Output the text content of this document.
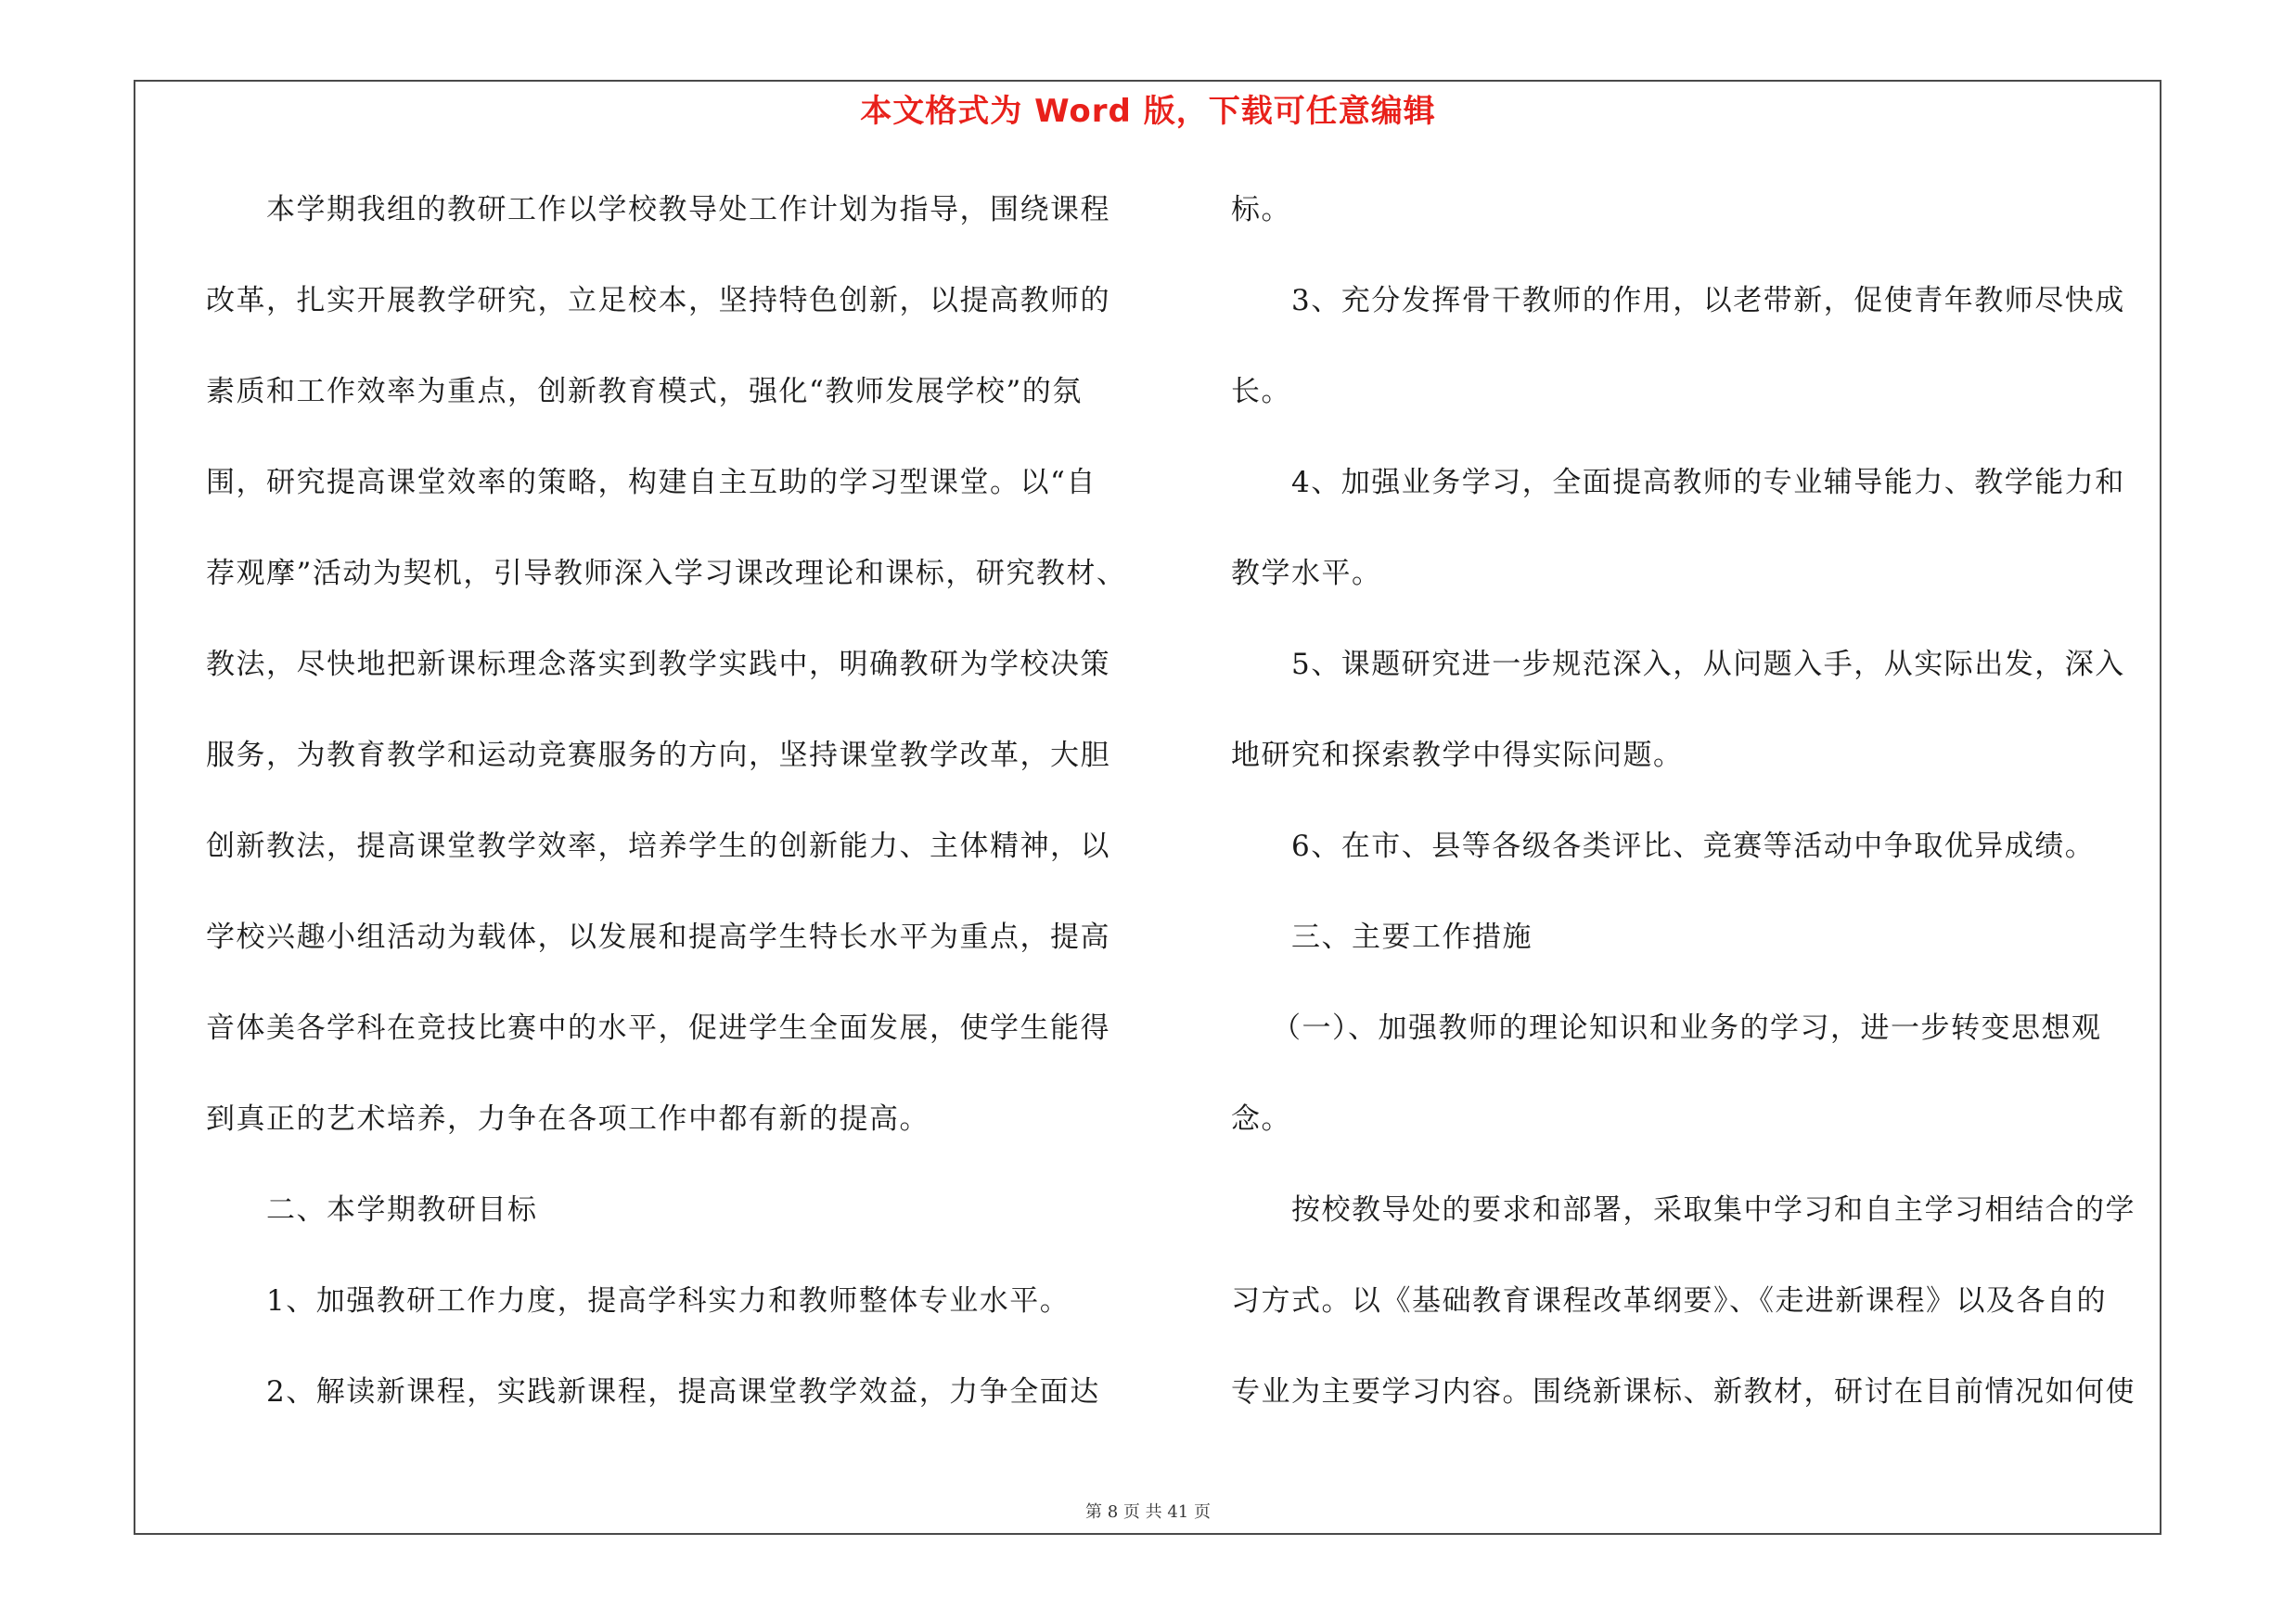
本文格式为 Word 版，下载可任意编辑
本学期我组的教研工作以学校教导处工作计划为指导，围绕课程
改革，扎实开展教学研究，立足校本，坚持特色创新，以提高教师的
素质和工作效率为重点，创新教育模式，强化“教师发展学校”的氛
围，研究提高课堂效率的策略，构建自主互助的学习型课堂。以“自
荐观摩”活动为契机，引导教师深入学习课改理论和课标，研究教材、
教法，尽快地把新课标理念落实到教学实践中，明确教研为学校决策
服务，为教育教学和运动竞赛服务的方向，坚持课堂教学改革，大胆
创新教法，提高课堂教学效率，培养学生的创新能力、主体精神，以
学校兴趣小组活动为载体，以发展和提高学生特长水平为重点，提高
音体美各学科在竞技比赛中的水平，促进学生全面发展，使学生能得
到真正的艺术培养，力争在各项工作中都有新的提高。
二、本学期教研目标
1、加强教研工作力度，提高学科实力和教师整体专业水平。
2、解读新课程，实践新课程，提高课堂教学效益，力争全面达
标。
3、充分发挥骨干教师的作用，以老带新，促使青年教师尽快成
长。
4、加强业务学习，全面提高教师的专业辅导能力、教学能力和
教学水平。
5、课题研究进一步规范深入，从问题入手，从实际出发，深入
地研究和探索教学中得实际问题。
6、在市、县等各级各类评比、竞赛等活动中争取优异成绩。
三、主要工作措施
（一）、加强教师的理论知识和业务的学习，进一步转变思想观
念。
按校教导处的要求和部署，采取集中学习和自主学习相结合的学
习方式。以《基础教育课程改革纲要》、《走进新课程》以及各自的
专业为主要学习内容。围绕新课标、新教材，研讨在目前情况如何使
第 8 页 共 41 页
